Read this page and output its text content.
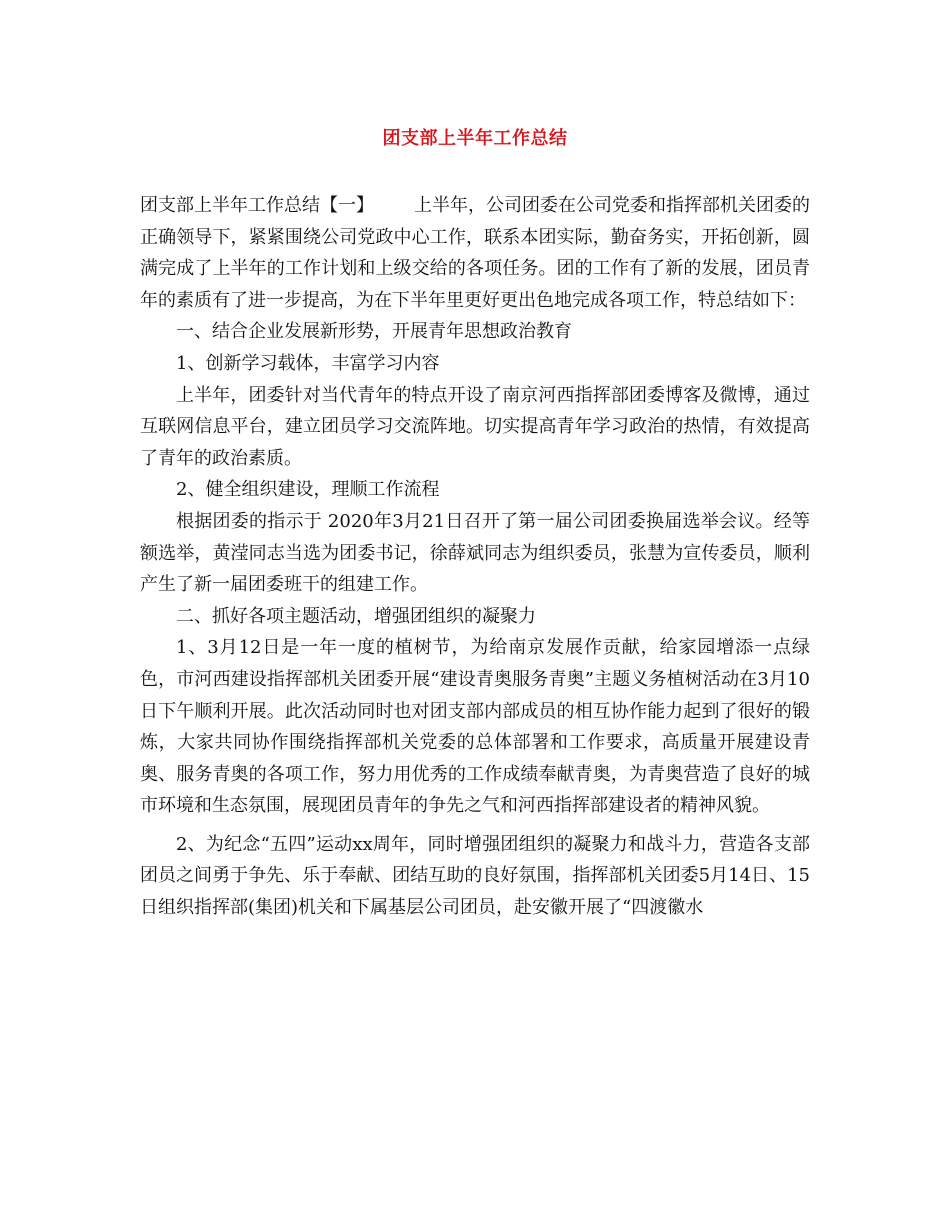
团支部上半年工作总结

团支部上半年工作总结【一】 上半年，公司团委在公司党委和指挥部机关团委的正确领导下，紧紧围绕公司党政中心工作，联系本团实际，勤奋务实，开拓创新，圆满完成了上半年的工作计划和上级交给的各项任务。团的工作有了新的发展，团员青年的素质有了进一步提高，为在下半年里更好更出色地完成各项工作，特总结如下：

一、结合企业发展新形势，开展青年思想政治教育

1、创新学习载体，丰富学习内容

上半年，团委针对当代青年的特点开设了南京河西指挥部团委博客及微博，通过互联网信息平台，建立团员学习交流阵地。切实提高青年学习政治的热情，有效提高了青年的政治素质。

2、健全组织建设，理顺工作流程

根据团委的指示于 2020年3月21日召开了第一届公司团委换届选举会议。经等额选举，黄滢同志当选为团委书记，徐薛斌同志为组织委员，张慧为宣传委员，顺利产生了新一届团委班干的组建工作。

二、抓好各项主题活动，增强团组织的凝聚力

1、3月12日是一年一度的植树节，为给南京发展作贡献，给家园增添一点绿色，市河西建设指挥部机关团委开展“建设青奥服务青奥”主题义务植树活动在3月10日下午顺利开展。此次活动同时也对团支部内部成员的相互协作能力起到了很好的锻炼，大家共同协作围绕指挥部机关党委的总体部署和工作要求，高质量开展建设青奥、服务青奥的各项工作，努力用优秀的工作成绩奉献青奥，为青奥营造了良好的城市环境和生态氛围，展现团员青年的争先之气和河西指挥部建设者的精神风貌。

2、为纪念“五四”运动xx周年，同时增强团组织的凝聚力和战斗力，营造各支部团员之间勇于争先、乐于奉献、团结互助的良好氛围，指挥部机关团委5月14日、15日组织指挥部(集团)机关和下属基层公司团员，赴安徽开展了“四渡徽水
